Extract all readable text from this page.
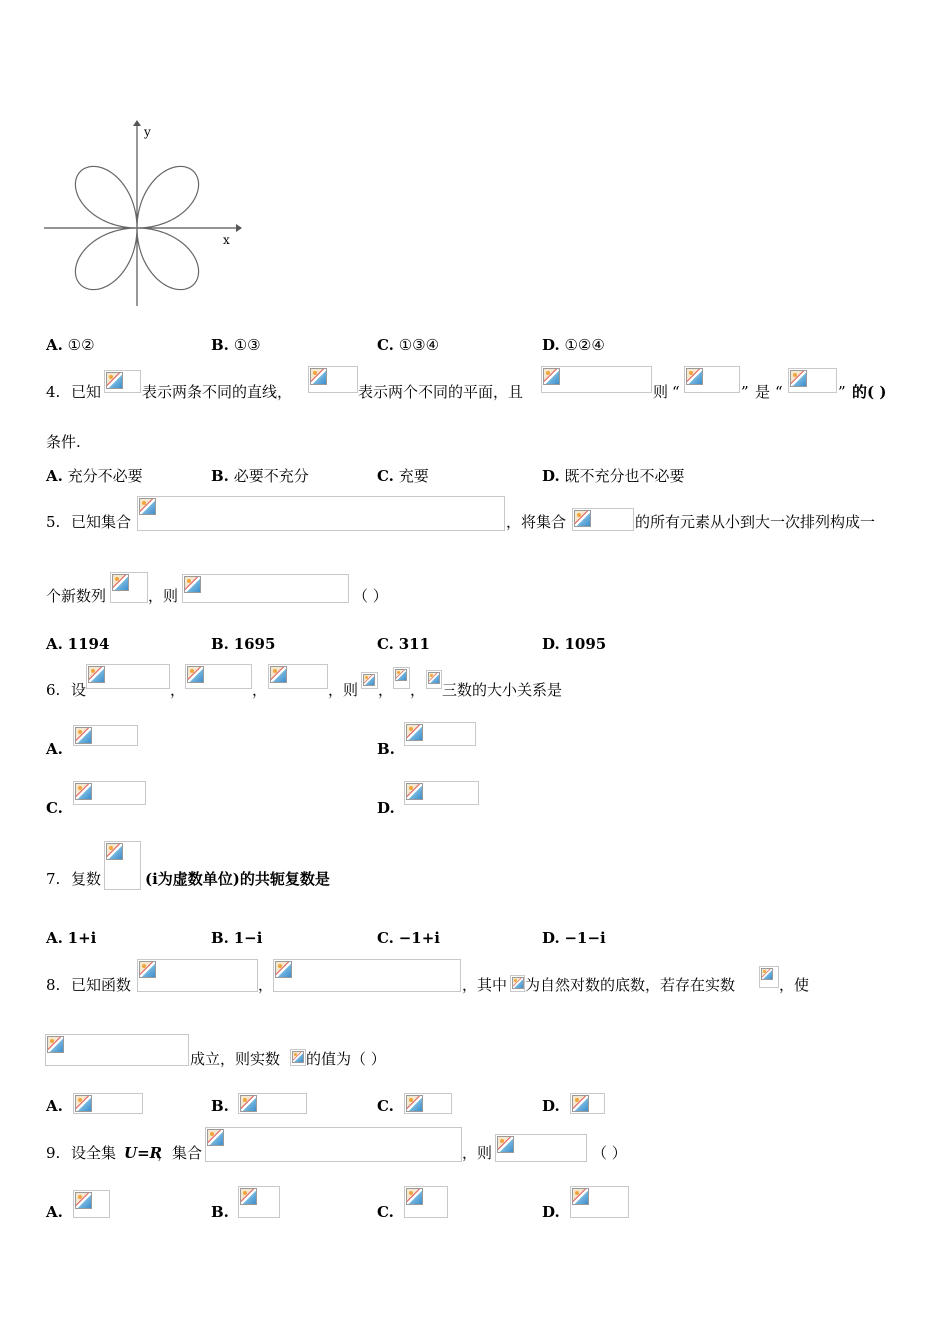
y
x
A. ①②	B. ①③	C. ①③④	D. ①②④
4. 已知	表示两条不同的直线，	表示两个不同的平面，且	则 “	” 是 “	” 的( )
条件.
A. 充分不必要	B. 必要不充分	C. 充要	D. 既不充分也不必要
5. 已知集合	，将集合	的所有元素从小到大一次排列构成一
个新数列	，则	（ ）
A. 1194	B. 1695	C. 311	D. 1095
6. 设	，	，	，则 ， ， 三数的大小关系是
A.	B.
C.	D.
7. 复数	(i为虚数单位)的共轭复数是
A. 1+i	B. 1−i	C. −1+i	D. −1−i
8. 已知函数	，	，其中 为自然对数的底数，若存在实数	，使
成立，则实数 的值为（ ）
A.	B.	C.	D.
9. 设全集 U=R
，集合	，则	（ ）
A.	B.	C.	D.
